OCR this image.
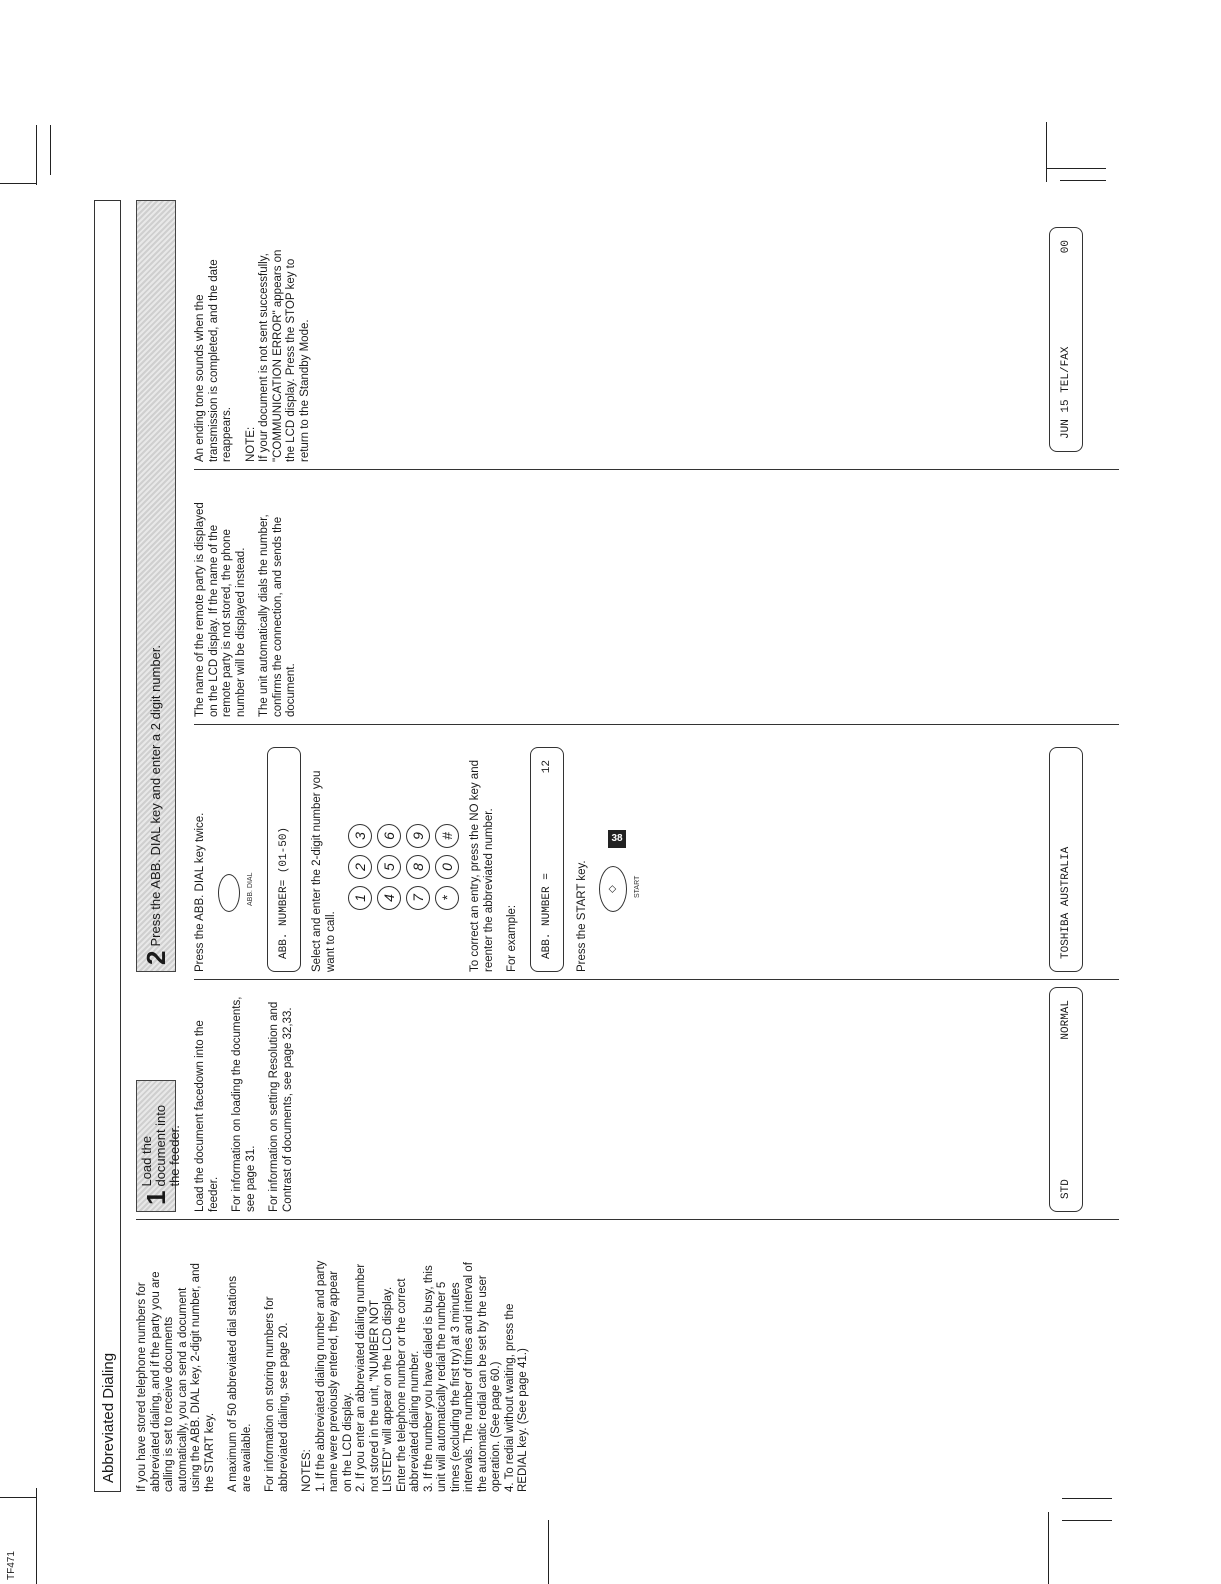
TF471
38
Abbreviated Dialing	If you have stored telephone numbers for abbreviated dialing, and if the party you are calling is set to receive documents automatically, you can send a document using the ABB. DIAL key, 2-digit number, and the START key. A maximum of 50 abbreviated dial stations are available. For information on storing numbers for abbreviated dialing, see page 20. NOTES: 1. If the abbreviated dialing number and party name were previously entered, they appear on the LCD display. 2. If you enter an abbreviated dialing number not stored in the unit, "NUMBER NOT LISTED" will appear on the LCD display. Enter the telephone number or the correct abbreviated dialing number. 3. If the number you have dialed is busy, this unit will automatically redial the number 5 times (excluding the first try) at 3 minutes intervals. The number of times and interval of the automatic redial can be set by the user operation. (See page 60.) 4. To redial without waiting, press the REDIAL key. (See page 41.)
1
Load the document into the feeder. Load the document facedown into the feeder. For information on loading the documents, see page 31. For information on setting Resolution and Contrast of documents, see page 32,33.	STD
NORMAL
2
Press the ABB. DIAL key and enter a 2 digit number.	Press the ABB. DIAL key twice.	ABB. DIAL	ABB. NUMBER= (01-50)	Select and enter the 2-digit number you want to call.

1
2
3
4
5
6
7
8
9
*
0
#	To correct an entry, press the NO key and reenter the abbreviated number. For example:	ABB. NUMBER =
12

Press the START key.	◇	START	TOSHIBA AUSTRALIA

The name of the remote party is displayed on the LCD display. If the name of the remote party is not stored, the phone number will be displayed instead. The unit automatically dials the number, confirms the connection, and sends the document.

An ending tone sounds when the transmission is completed, and the date reappears. NOTE: If your document is not sent successfully, "COMMUNICATION ERROR" appears on the LCD display. Press the STOP key to return to the Standby Mode.	JUN 15 TEL/FAX
00
